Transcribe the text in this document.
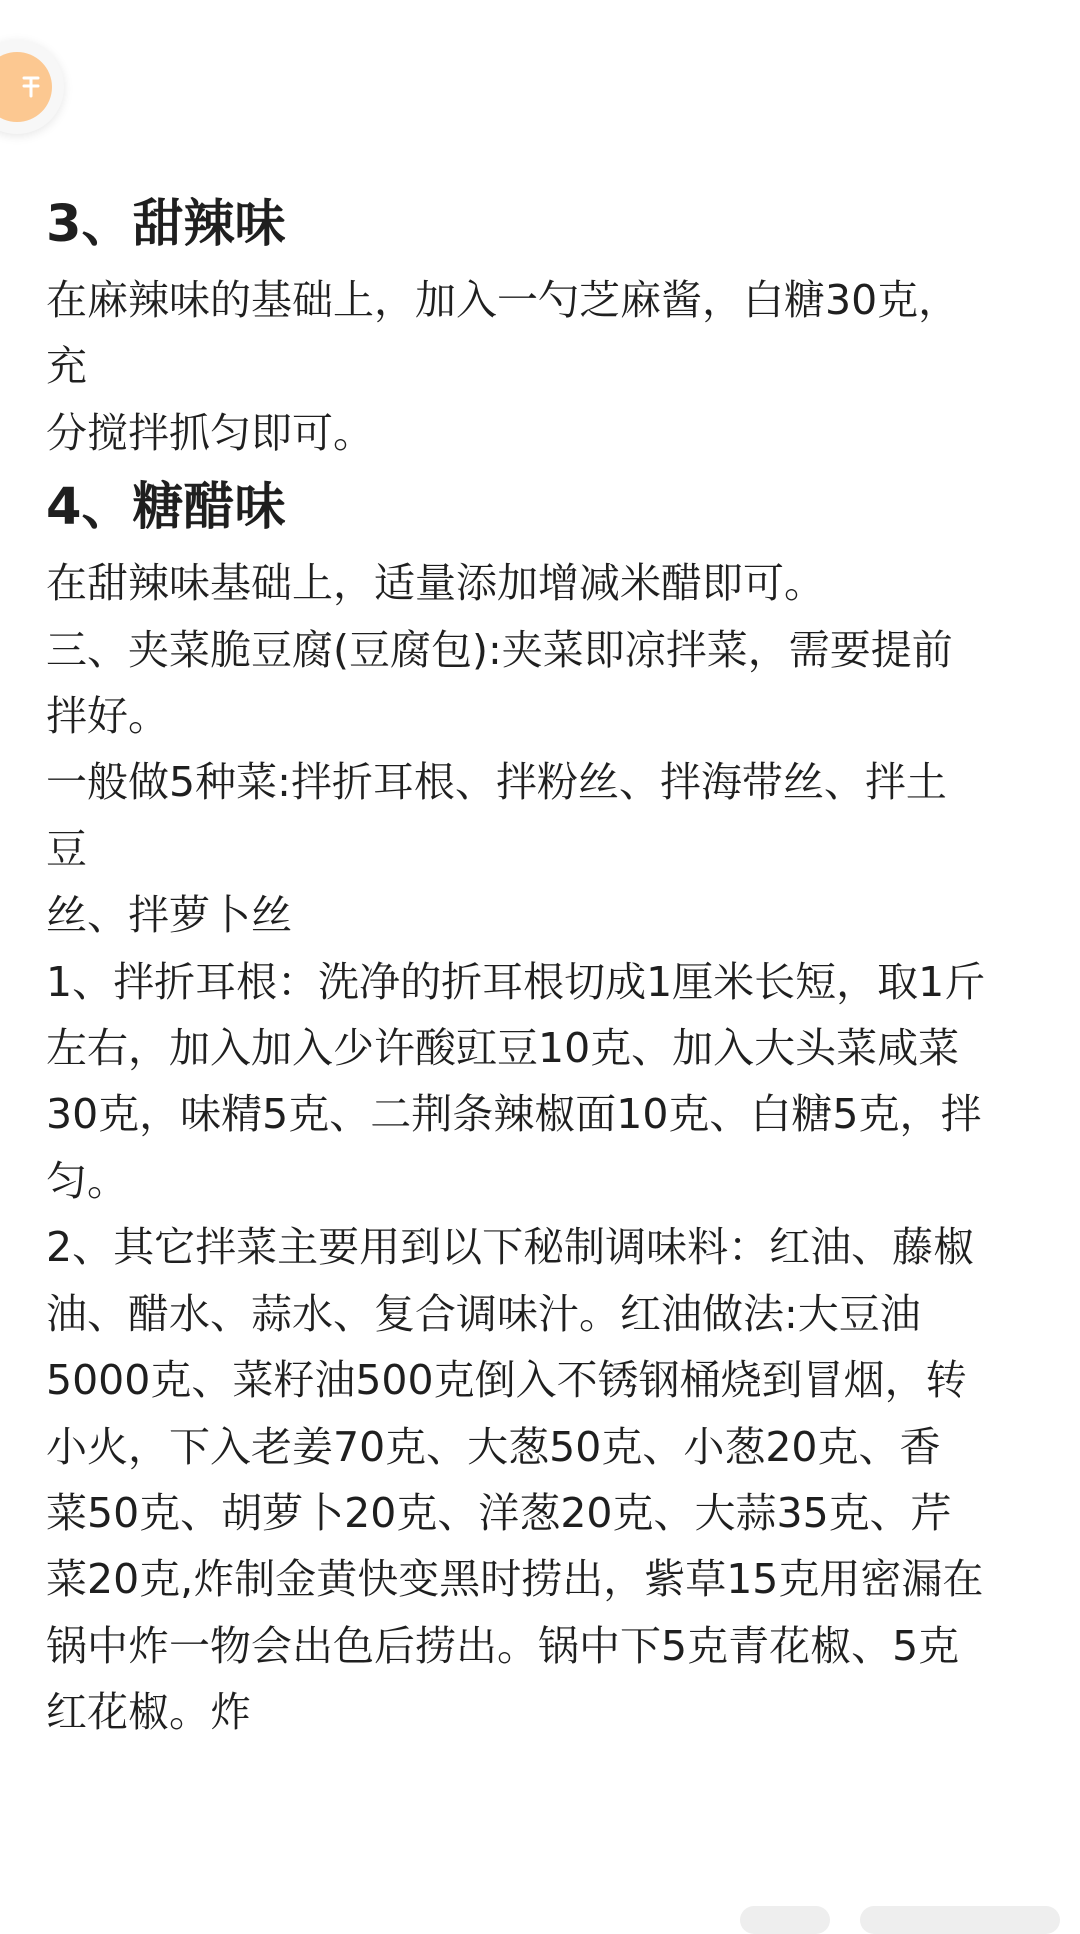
3、甜辣味

在麻辣味的基础上，加入一勺芝麻酱，白糖30克，

充

分搅拌抓匀即可。

4、糖醋味

在甜辣味基础上，适量添加增减米醋即可。

三、夹菜脆豆腐(豆腐包):夹菜即凉拌菜，需要提前

拌好。

一般做5种菜:拌折耳根、拌粉丝、拌海带丝、拌土

豆

丝、拌萝卜丝

1、拌折耳根：洗净的折耳根切成1厘米长短，取1斤

左右，加入加入少许酸豇豆10克、加入大头菜咸菜

30克，味精5克、二荆条辣椒面10克、白糖5克，拌

匀。

2、其它拌菜主要用到以下秘制调味料：红油、藤椒

油、醋水、蒜水、复合调味汁。红油做法:大豆油

5000克、菜籽油500克倒入不锈钢桶烧到冒烟，转

小火，下入老姜70克、大葱50克、小葱20克、香

菜50克、胡萝卜20克、洋葱20克、大蒜35克、芹

菜20克,炸制金黄快变黑时捞出，紫草15克用密漏在

锅中炸一物会出色后捞出。锅中下5克青花椒、5克

红花椒。炸
